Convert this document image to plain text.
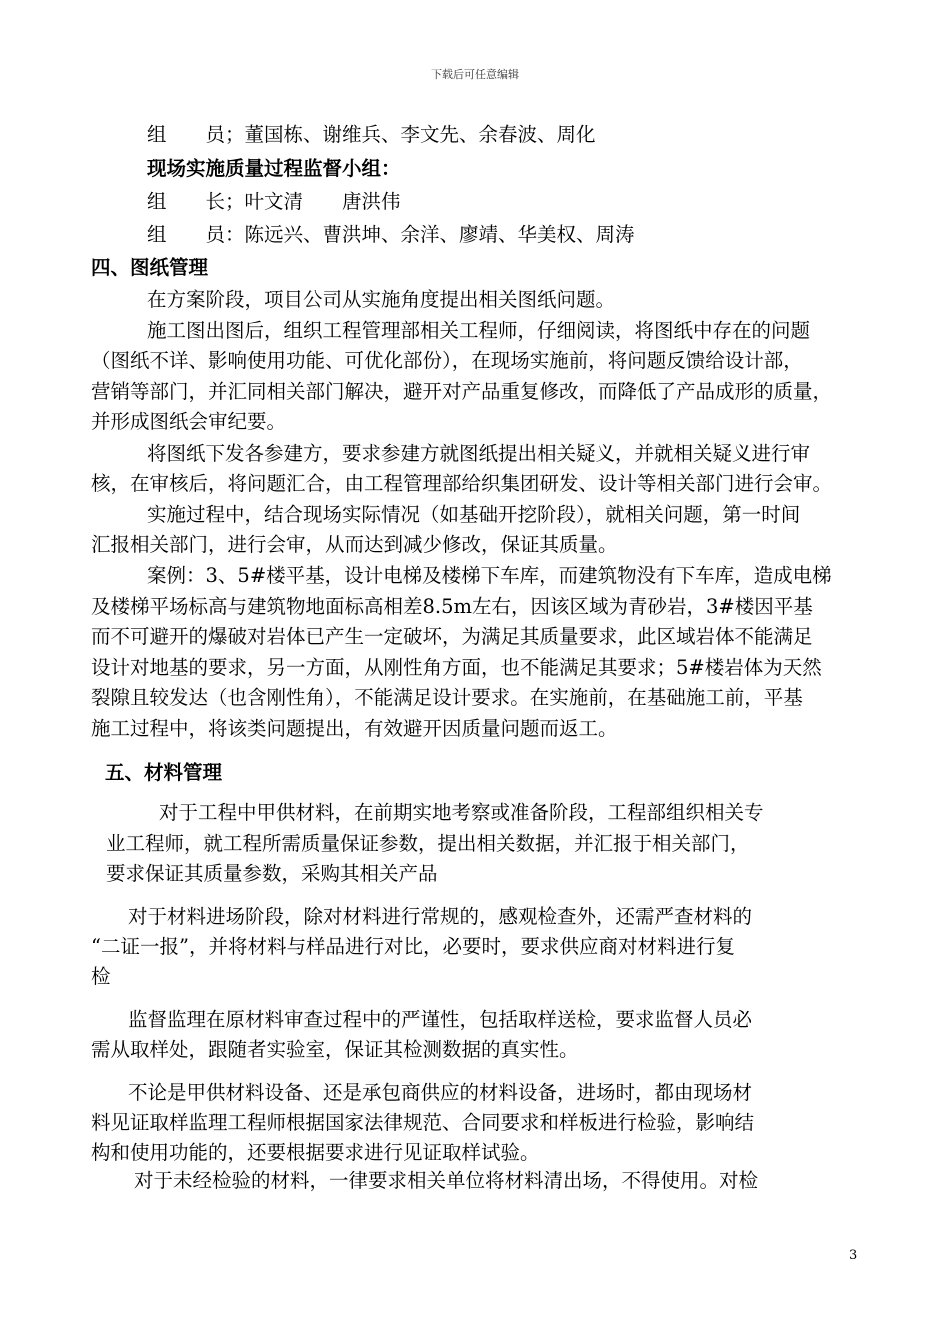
下载后可任意编辑
组　　员；董国栋、谢维兵、李文先、余春波、周化
现场实施质量过程监督小组：
组　　长；叶文清　　唐洪伟
组　　员：陈远兴、曹洪坤、余洋、廖靖、华美权、周涛
四、图纸管理
在方案阶段，项目公司从实施角度提出相关图纸问题。
施工图出图后，组织工程管理部相关工程师，仔细阅读，将图纸中存在的问题
（图纸不详、影响使用功能、可优化部份），在现场实施前，将问题反馈给设计部，
营销等部门，并汇同相关部门解决，避开对产品重复修改，而降低了产品成形的质量，
并形成图纸会审纪要。
将图纸下发各参建方，要求参建方就图纸提出相关疑义，并就相关疑义进行审
核，在审核后，将问题汇合，由工程管理部给织集团研发、设计等相关部门进行会审。
实施过程中，结合现场实际情况（如基础开挖阶段），就相关问题，第一时间
汇报相关部门，进行会审，从而达到减少修改，保证其质量。
案例：3、5#楼平基，设计电梯及楼梯下车库，而建筑物没有下车库，造成电梯
及楼梯平场标高与建筑物地面标高相差8.5m左右，因该区域为青砂岩，3#楼因平基
而不可避开的爆破对岩体已产生一定破坏，为满足其质量要求，此区域岩体不能满足
设计对地基的要求，另一方面，从刚性角方面，也不能满足其要求；5#楼岩体为天然
裂隙且较发达（也含刚性角），不能满足设计要求。在实施前，在基础施工前，平基
施工过程中，将该类问题提出，有效避开因质量问题而返工。
五、材料管理
对于工程中甲供材料，在前期实地考察或准备阶段，工程部组织相关专
业工程师，就工程所需质量保证参数，提出相关数据，并汇报于相关部门，
要求保证其质量参数，采购其相关产品
对于材料进场阶段，除对材料进行常规的，感观检查外，还需严查材料的
“二证一报”，并将材料与样品进行对比，必要时，要求供应商对材料进行复
检
监督监理在原材料审查过程中的严谨性，包括取样送检，要求监督人员必
需从取样处，跟随者实验室，保证其检测数据的真实性。
不论是甲供材料设备、还是承包商供应的材料设备，进场时，都由现场材
料见证取样监理工程师根据国家法律规范、合同要求和样板进行检验，影响结
构和使用功能的，还要根据要求进行见证取样试验。
对于未经检验的材料，一律要求相关单位将材料清出场，不得使用。对检
3
